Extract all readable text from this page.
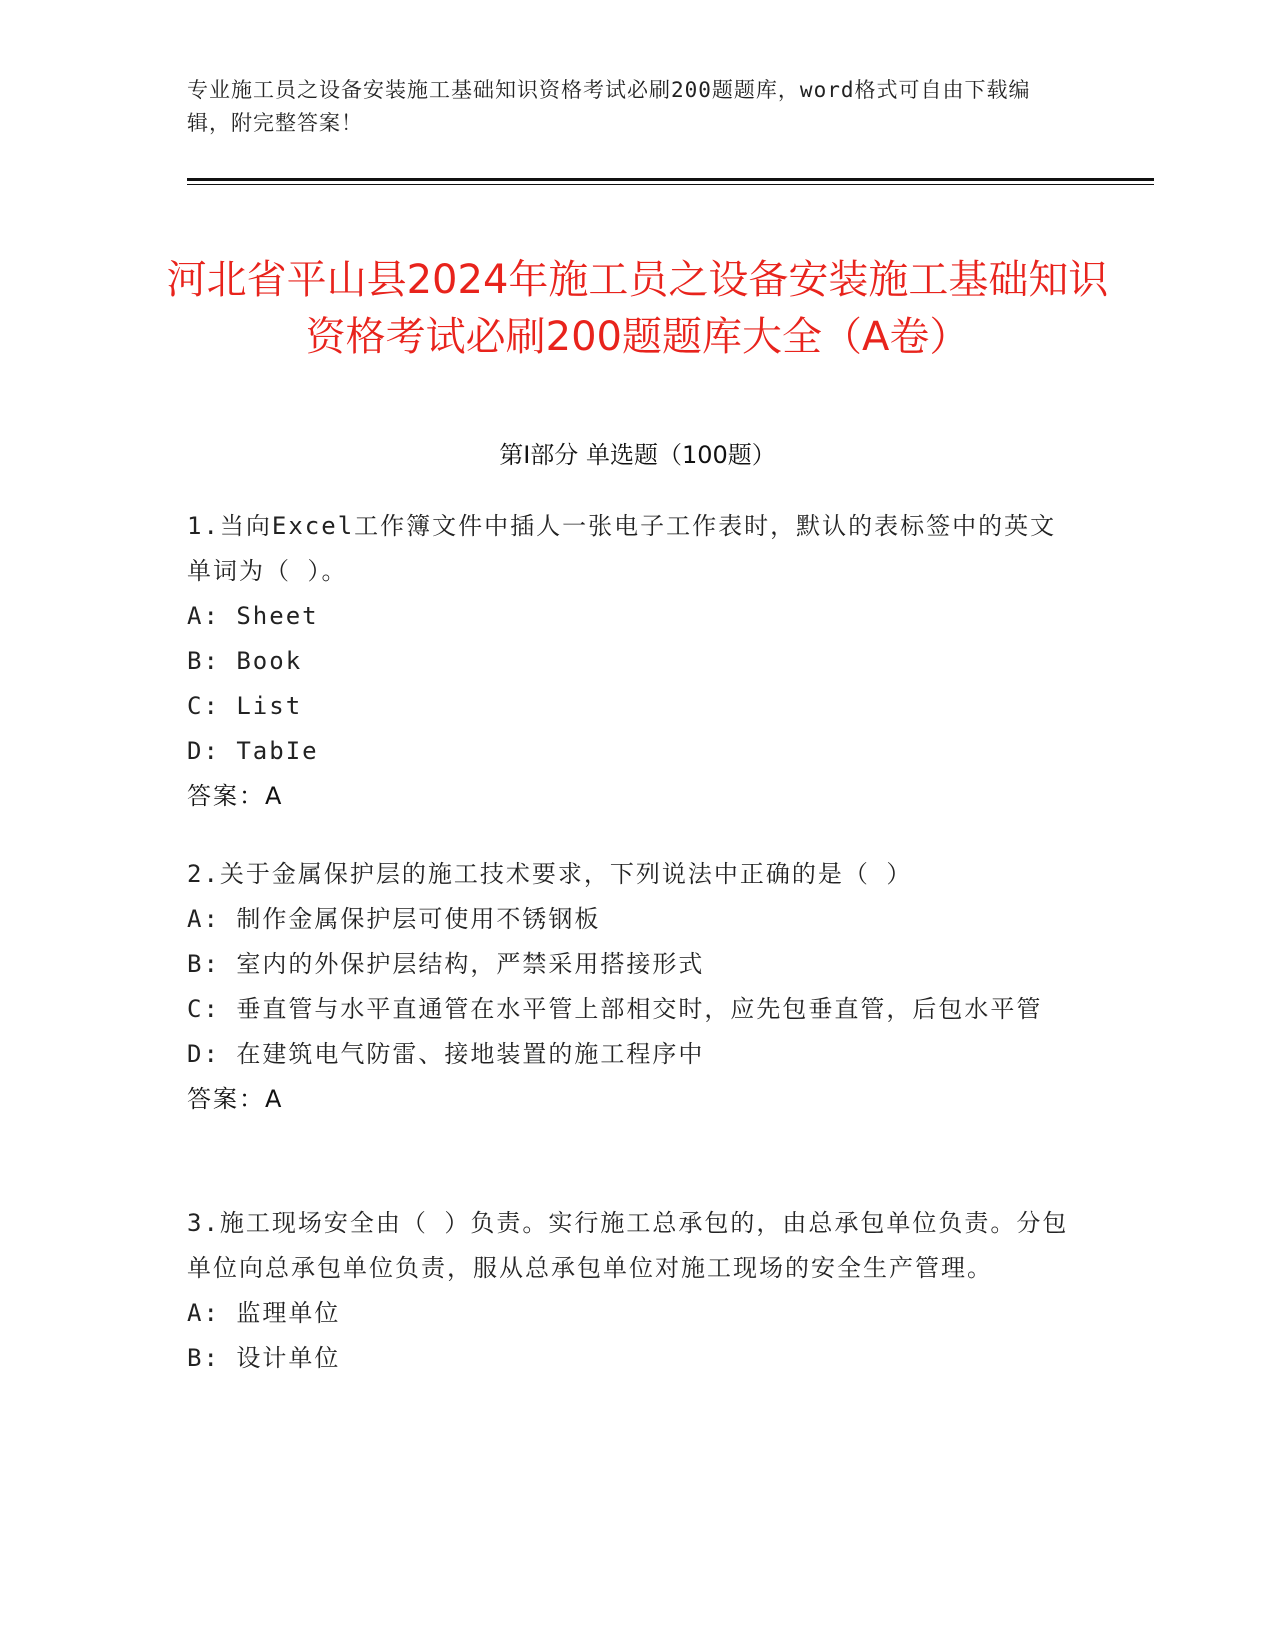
专业施工员之设备安装施工基础知识资格考试必刷200题题库，word格式可自由下载编辑，附完整答案！
河北省平山县2024年施工员之设备安装施工基础知识资格考试必刷200题题库大全（A卷）
第Ⅰ部分 单选题（100题）
1.当向Excel工作簿文件中插人一张电子工作表时，默认的表标签中的英文单词为（ ）。
A: Sheet
B: Book
C: List
D: TabIe
答案：A
2.关于金属保护层的施工技术要求，下列说法中正确的是（ ）
A: 制作金属保护层可使用不锈钢板
B: 室内的外保护层结构，严禁采用搭接形式
C: 垂直管与水平直通管在水平管上部相交时，应先包垂直管，后包水平管
D: 在建筑电气防雷、接地装置的施工程序中
答案：A
3.施工现场安全由（ ）负责。实行施工总承包的，由总承包单位负责。分包单位向总承包单位负责，服从总承包单位对施工现场的安全生产管理。
A: 监理单位
B: 设计单位
